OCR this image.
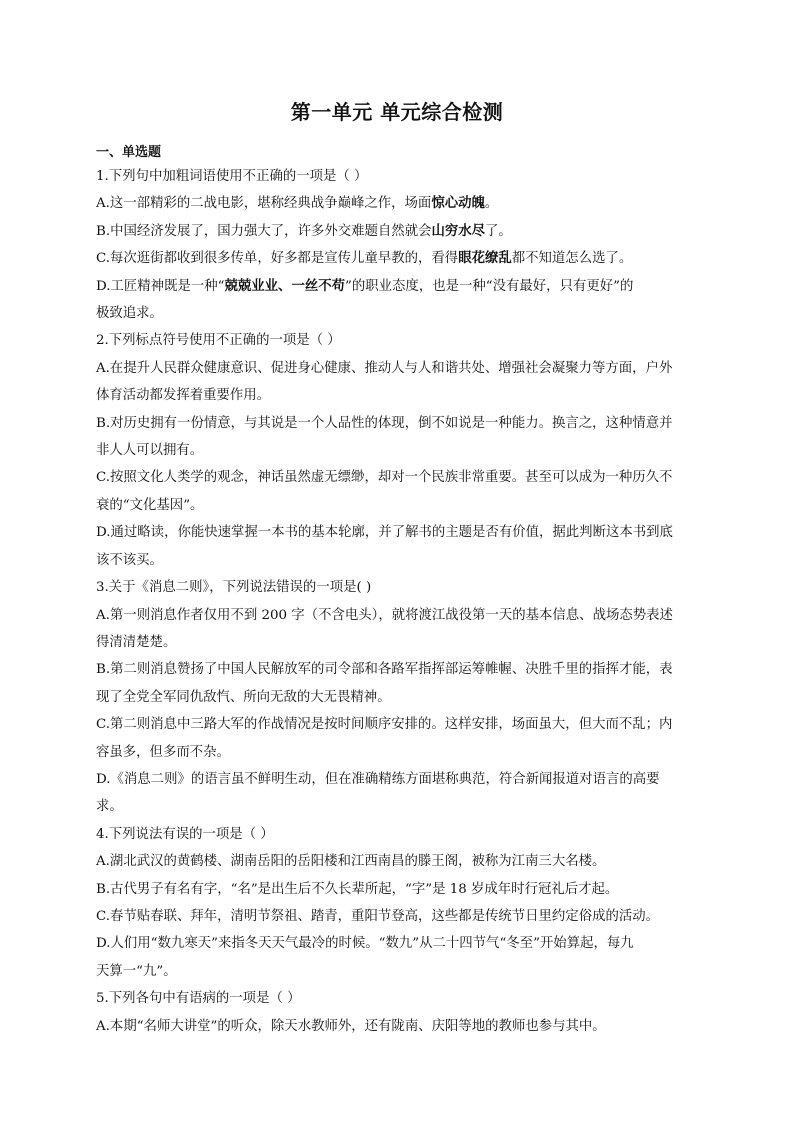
第一单元 单元综合检测
一、单选题

1.下列句中加粗词语使用不正确的一项是（ ）

A.这一部精彩的二战电影，堪称经典战争巅峰之作，场面惊心动魄。

B.中国经济发展了，国力强大了，许多外交难题自然就会山穷水尽了。

C.每次逛街都收到很多传单，好多都是宣传儿童早教的，看得眼花缭乱都不知道怎么选了。

D.工匠精神既是一种“兢兢业业、一丝不苟”的职业态度，也是一种“没有最好，只有更好”的

极致追求。

2.下列标点符号使用不正确的一项是（ ）

A.在提升人民群众健康意识、促进身心健康、推动人与人和谐共处、增强社会凝聚力等方面，户外

体育活动都发挥着重要作用。

B.对历史拥有一份情意，与其说是一个人品性的体现，倒不如说是一种能力。换言之，这种情意并

非人人可以拥有。

C.按照文化人类学的观念，神话虽然虚无缥缈，却对一个民族非常重要。甚至可以成为一种历久不

衰的“文化基因”。

D.通过略读，你能快速掌握一本书的基本轮廓，并了解书的主题是否有价值，据此判断这本书到底

该不该买。

3.关于《消息二则》，下列说法错误的一项是( )

A.第一则消息作者仅用不到 200 字（不含电头），就将渡江战役第一天的基本信息、战场态势表述

得清清楚楚。

B.第二则消息赞扬了中国人民解放军的司令部和各路军指挥部运筹帷幄、决胜千里的指挥才能，表

现了全党全军同仇敌忾、所向无敌的大无畏精神。

C.第二则消息中三路大军的作战情况是按时间顺序安排的。这样安排，场面虽大，但大而不乱；内

容虽多，但多而不杂。

D.《消息二则》的语言虽不鲜明生动，但在准确精练方面堪称典范，符合新闻报道对语言的高要

求。

4.下列说法有误的一项是（ ）

A.湖北武汉的黄鹤楼、湖南岳阳的岳阳楼和江西南昌的滕王阁，被称为江南三大名楼。

B.古代男子有名有字，“名”是出生后不久长辈所起，“字”是 18 岁成年时行冠礼后才起。

C.春节贴春联、拜年，清明节祭祖、踏青，重阳节登高，这些都是传统节日里约定俗成的活动。

D.人们用“数九寒天”来指冬天天气最冷的时候。“数九”从二十四节气“冬至”开始算起，每九

天算一“九”。

5.下列各句中有语病的一项是（ ）

A.本期“名师大讲堂”的听众，除天水教师外，还有陇南、庆阳等地的教师也参与其中。
